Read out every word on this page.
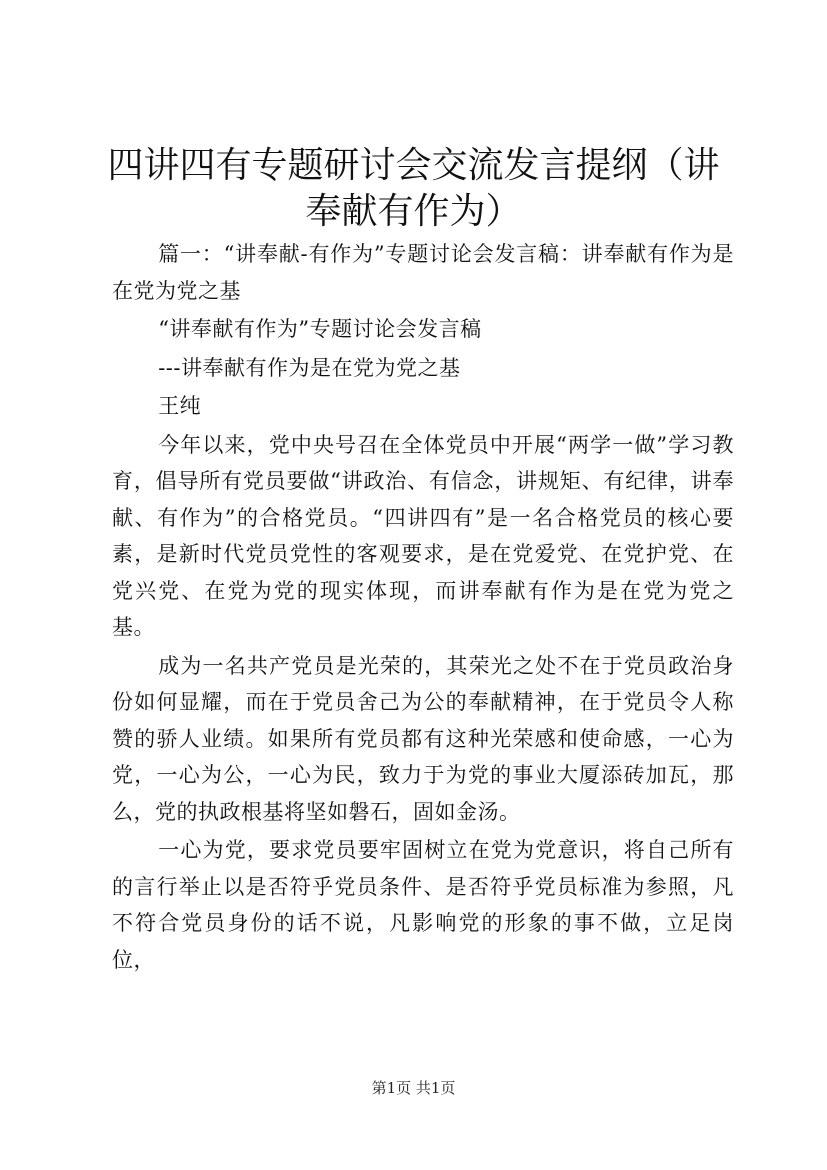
四讲四有专题研讨会交流发言提纲（讲奉献有作为）

篇一：“讲奉献-有作为”专题讨论会发言稿：讲奉献有作为是在党为党之基

“讲奉献有作为”专题讨论会发言稿

---讲奉献有作为是在党为党之基

王纯

今年以来，党中央号召在全体党员中开展“两学一做”学习教育，倡导所有党员要做“讲政治、有信念，讲规矩、有纪律，讲奉献、有作为”的合格党员。“四讲四有”是一名合格党员的核心要素，是新时代党员党性的客观要求，是在党爱党、在党护党、在党兴党、在党为党的现实体现，而讲奉献有作为是在党为党之基。

成为一名共产党员是光荣的，其荣光之处不在于党员政治身份如何显耀，而在于党员舍己为公的奉献精神，在于党员令人称赞的骄人业绩。如果所有党员都有这种光荣感和使命感，一心为党，一心为公，一心为民，致力于为党的事业大厦添砖加瓦，那么，党的执政根基将坚如磐石，固如金汤。

一心为党，要求党员要牢固树立在党为党意识，将自己所有的言行举止以是否符乎党员条件、是否符乎党员标准为参照，凡不符合党员身份的话不说，凡影响党的形象的事不做，立足岗位，

第1页 共1页
